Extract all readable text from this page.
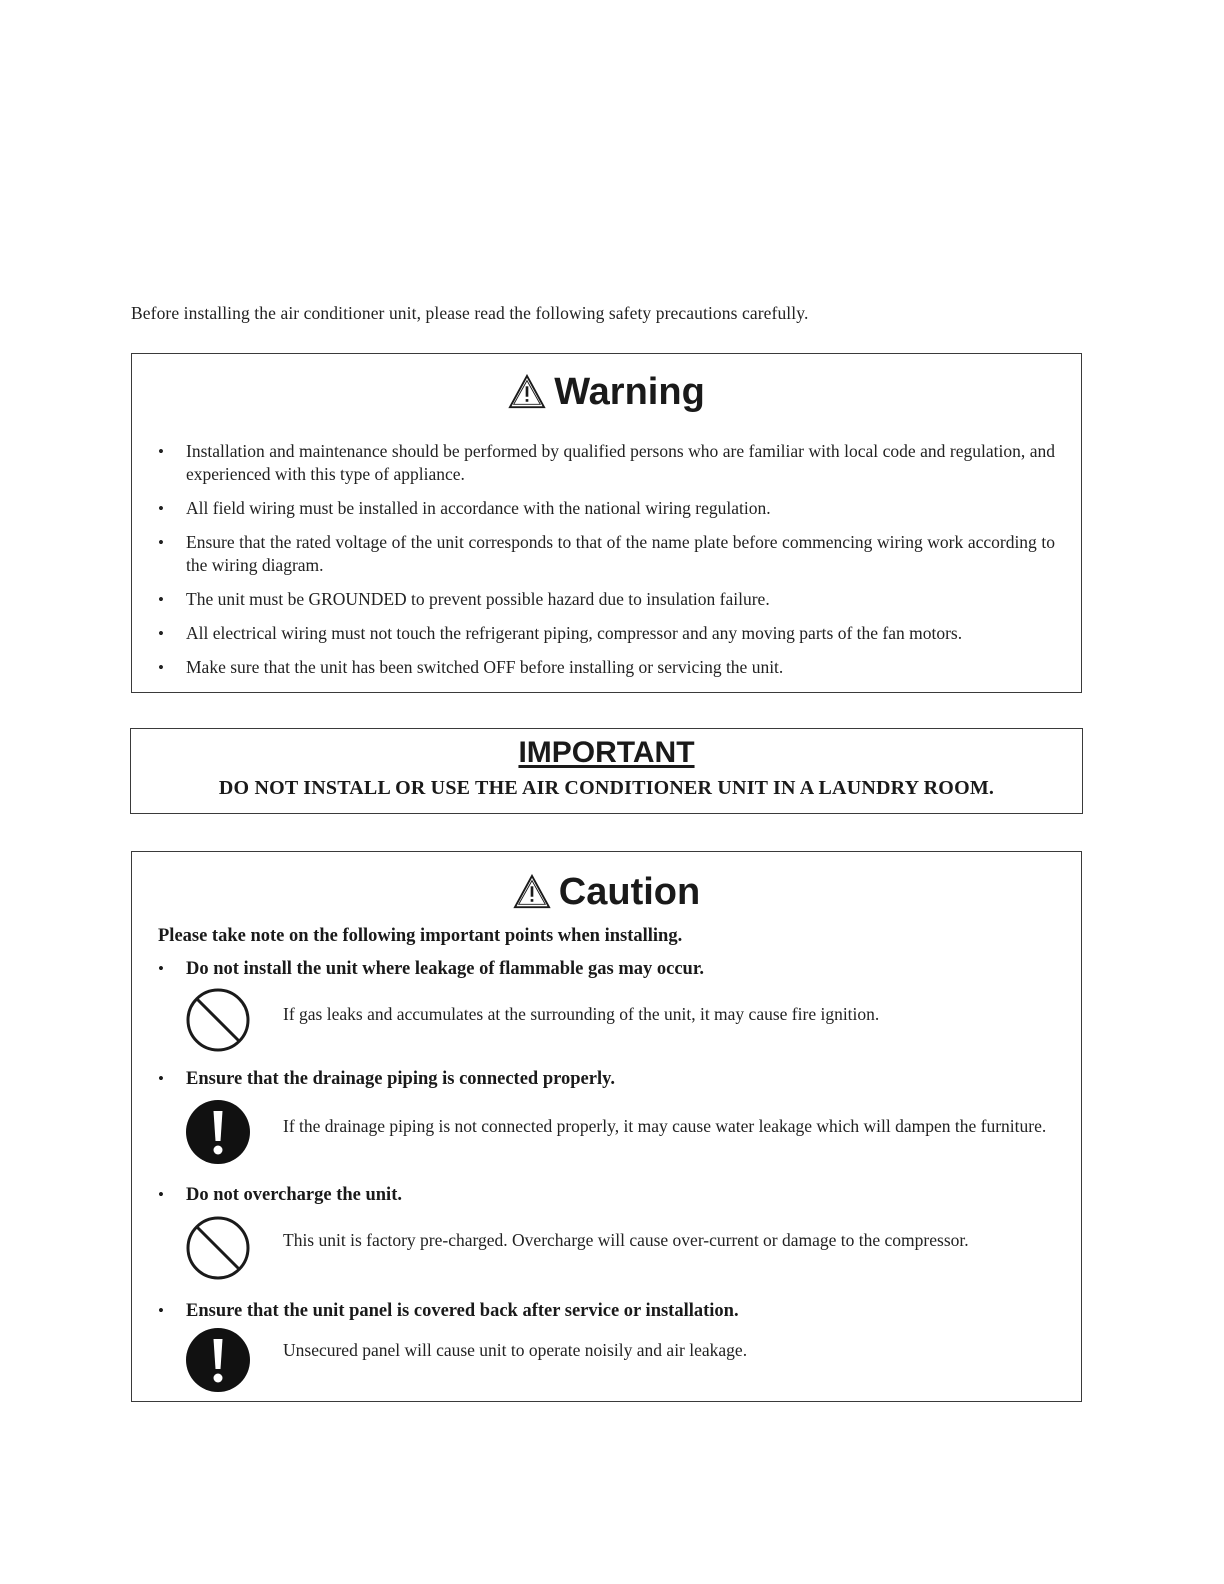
Before installing the air conditioner unit, please read the following safety precautions carefully.
Warning
• Installation and maintenance should be performed by qualified persons who are familiar with local code and regulation, and experienced with this type of appliance.
• All field wiring must be installed in accordance with the national wiring regulation.
• Ensure that the rated voltage of the unit corresponds to that of the name plate before commencing wiring work according to the wiring diagram.
• The unit must be GROUNDED to prevent possible hazard due to insulation failure.
• All electrical wiring must not touch the refrigerant piping, compressor and any moving parts of the fan motors.
• Make sure that the unit has been switched OFF before installing or servicing the unit.
IMPORTANT
DO NOT INSTALL OR USE THE AIR CONDITIONER UNIT IN A LAUNDRY ROOM.
Caution
Please take note on the following important points when installing.
• Do not install the unit where leakage of flammable gas may occur.
If gas leaks and accumulates at the surrounding of the unit, it may cause fire ignition.
• Ensure that the drainage piping is connected properly.
If the drainage piping is not connected properly, it may cause water leakage which will dampen the furniture.
• Do not overcharge the unit.
This unit is factory pre-charged. Overcharge will cause over-current or damage to the compressor.
• Ensure that the unit panel is covered back after service or installation.
Unsecured panel will cause unit to operate noisily and air leakage.
